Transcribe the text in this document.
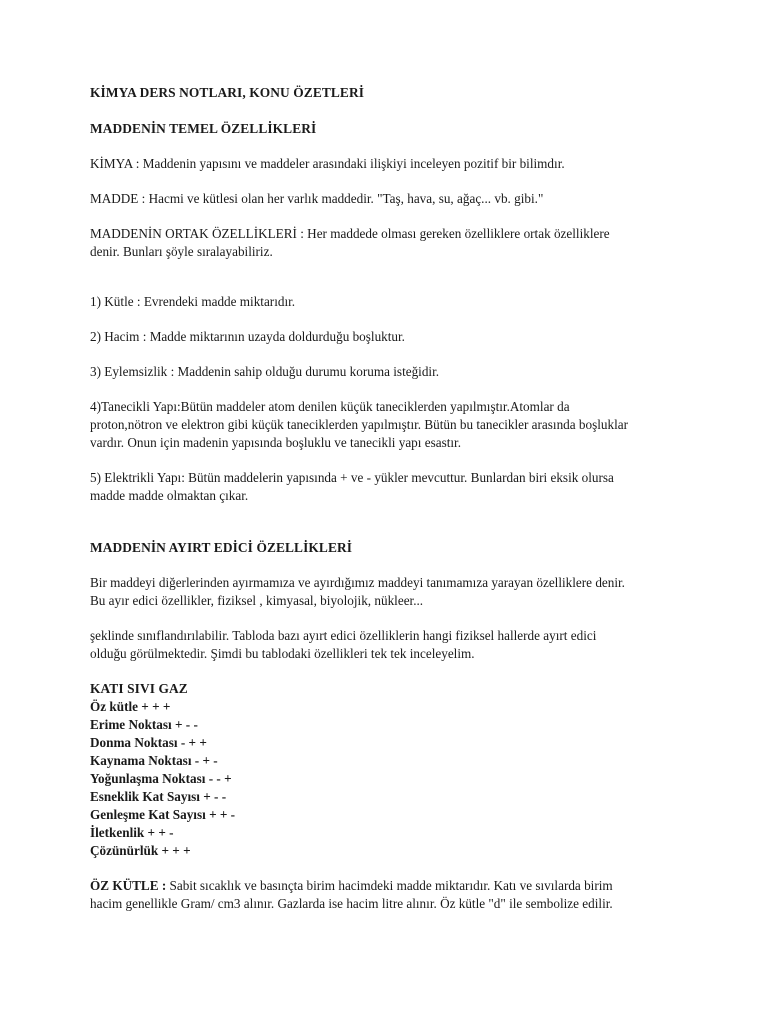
KİMYA DERS NOTLARI, KONU ÖZETLERİ
MADDENİN TEMEL ÖZELLİKLERİ
KİMYA : Maddenin yapısını ve maddeler arasındaki ilişkiyi inceleyen pozitif bir bilimdır.
MADDE : Hacmi ve kütlesi olan her varlık maddedir. "Taş, hava, su, ağaç... vb. gibi."
MADDENİN ORTAK ÖZELLİKLERİ : Her maddede olması gereken özelliklere ortak özelliklere
denir. Bunları şöyle sıralayabiliriz.
1) Kütle : Evrendeki madde miktarıdır.
2) Hacim : Madde miktarının uzayda doldurduğu boşluktur.
3) Eylemsizlik : Maddenin sahip olduğu durumu koruma isteğidir.
4)Tanecikli Yapı:Bütün maddeler atom denilen küçük taneciklerden yapılmıştır.Atomlar da
proton,nötron ve elektron gibi küçük taneciklerden yapılmıştır. Bütün bu tanecikler arasında boşluklar
vardır. Onun için madenin yapısında boşluklu ve tanecikli yapı esastır.
5) Elektrikli Yapı: Bütün maddelerin yapısında + ve - yükler mevcuttur. Bunlardan biri eksik olursa
madde madde olmaktan çıkar.
MADDENİN AYIRT EDİCİ ÖZELLİKLERİ
Bir maddeyi diğerlerinden ayırmamıza ve ayırdığımız maddeyi tanımamıza yarayan özelliklere denir.
Bu ayır edici özellikler, fiziksel , kimyasal, biyolojik, nükleer...
şeklinde sınıflandırılabilir. Tabloda bazı ayırt edici özelliklerin hangi fiziksel hallerde ayırt edici
olduğu görülmektedir. Şimdi bu tablodaki özellikleri tek tek inceleyelim.
KATI SIVI GAZ
Öz kütle + + +
Erime Noktası + - -
Donma Noktası - + +
Kaynama Noktası - + -
Yoğunlaşma Noktası - - +
Esneklik Kat Sayısı + - -
Genleşme Kat Sayısı + + -
İletkenlik + + -
Çözünürlük + + +
ÖZ KÜTLE : Sabit sıcaklık ve basınçta birim hacimdeki madde miktarıdır. Katı ve sıvılarda birim
hacim genellikle Gram/ cm3 alınır. Gazlarda ise hacim litre alınır. Öz kütle "d" ile sembolize edilir.
